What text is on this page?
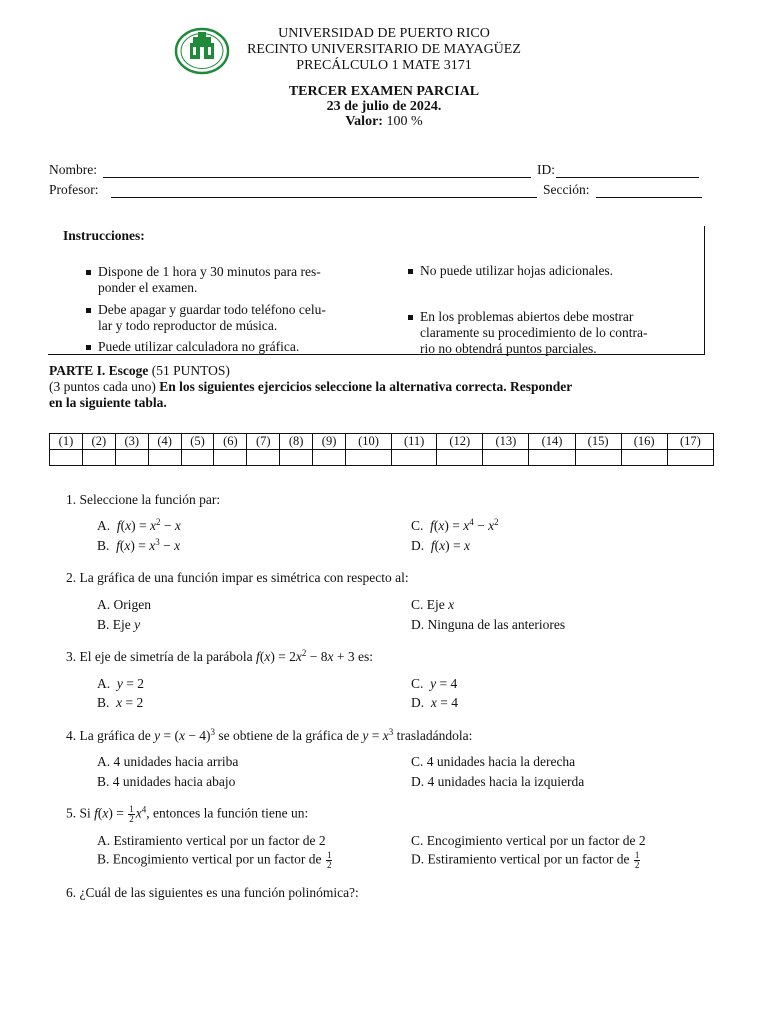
UNIVERSIDAD DE PUERTO RICO
RECINTO UNIVERSITARIO DE MAYAGÜEZ
PRECÁLCULO 1 MATE 3171
TERCER EXAMEN PARCIAL
23 de julio de 2024.
Valor: 100 %
Nombre:	ID:
Profesor:	Sección:
Instrucciones:
Dispone de 1 hora y 30 minutos para res-
ponder el examen.
Debe apagar y guardar todo teléfono celu-
lar y todo reproductor de música.
Puede utilizar calculadora no gráfica.
No puede utilizar hojas adicionales.
En los problemas abiertos debe mostrar
claramente su procedimiento de lo contra-
rio no obtendrá puntos parciales.
PARTE I. Escoge (51 PUNTOS)
(3 puntos cada uno) En los siguientes ejercicios seleccione la alternativa correcta. Responder
en la siguiente tabla.
(1)	(2)	(3)	(4)	(5)	(6)	(7)	(8)	(9)	(10)	(11)	(12)	(13)	(14)	(15)	(16)	(17)

1. Seleccione la función par:
A. $f(x) = x^2 - x$
B. $f(x) = x^3 - x$
C. $f(x) = x^4 - x^2$
D. f(x) = x
2. La gráfica de una función impar es simétrica con respecto al:
A. Origen
B. Eje y
C. Eje x
D. Ninguna de las anteriores
3. El eje de simetría de la parábola $f(x) = 2x^2 - 8x + 3$ es:
A. y = 2
B. x = 2
C. y = 4
D. x = 4
4. La gráfica de $y = (x - 4)^3$ se obtiene de la gráfica de $y = x^3$ trasladándola:
A. 4 unidades hacia arriba
B. 4 unidades hacia abajo
C. 4 unidades hacia la derecha
D. 4 unidades hacia la izquierda
5. Si $f(x) = \frac{1}{2} x^4$, entonces la función tiene un:
A. Estiramiento vertical por un factor de 2
B. Encogimiento vertical por un factor de $\frac{1}{2}$
C. Encogimiento vertical por un factor de 2
D. Estiramiento vertical por un factor de $\frac{1}{2}$
6. ¿Cuál de las siguientes es una función polinómica?:
